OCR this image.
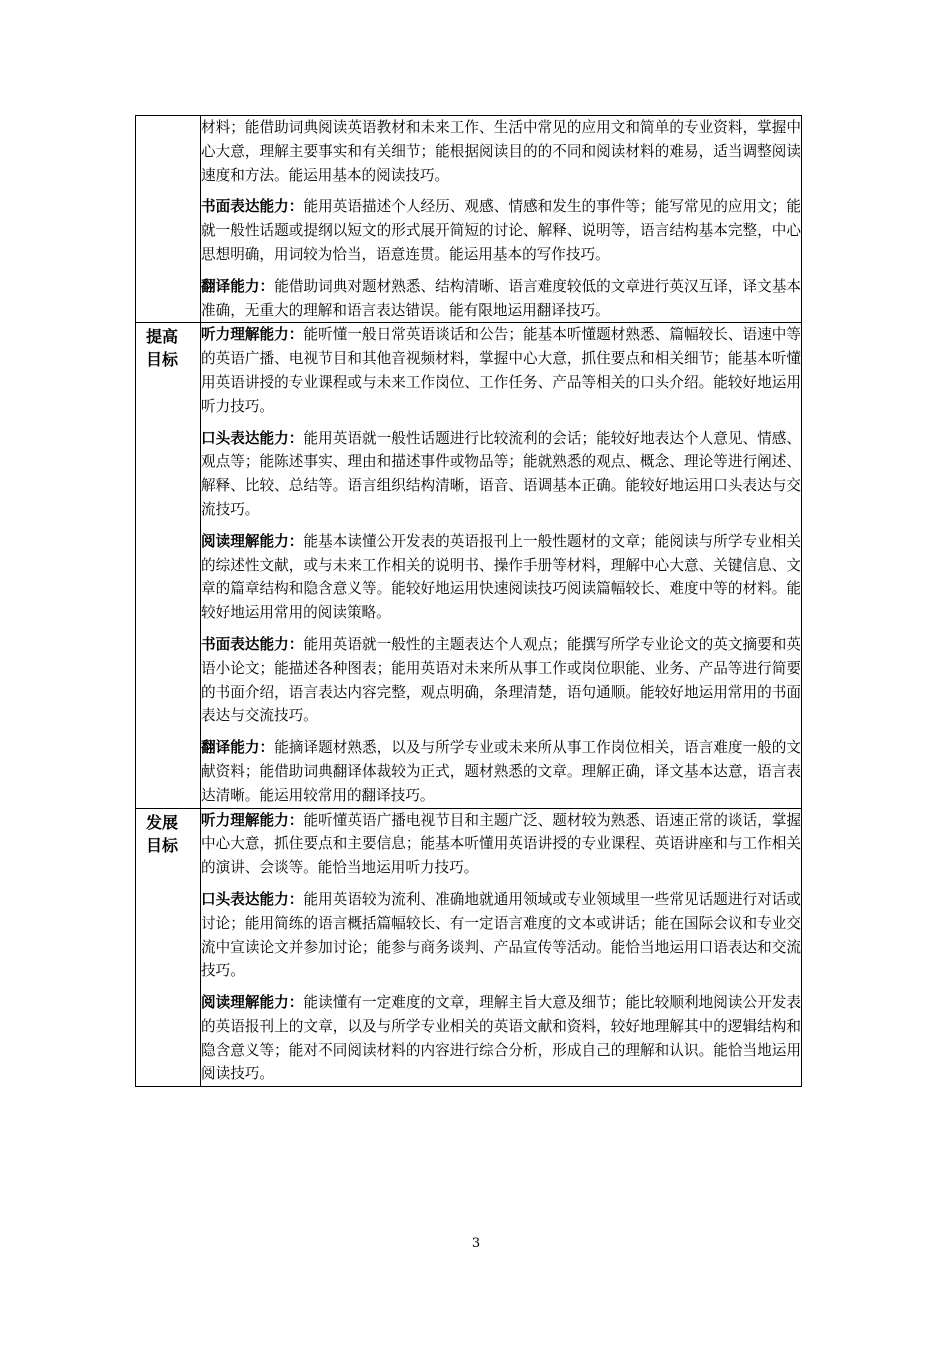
	材料；能借助词典阅读英语教材和未来工作、生活中常见的应用文和简单的专业资料，掌握中心大意，理解主要事实和有关细节；能根据阅读目的的不同和阅读材料的难易，适当调整阅读速度和方法。能运用基本的阅读技巧。

书面表达能力：能用英语描述个人经历、观感、情感和发生的事件等；能写常见的应用文；能就一般性话题或提纲以短文的形式展开简短的讨论、解释、说明等，语言结构基本完整，中心思想明确，用词较为恰当，语意连贯。能运用基本的写作技巧。

翻译能力：能借助词典对题材熟悉、结构清晰、语言难度较低的文章进行英汉互译，译文基本准确，无重大的理解和语言表达错误。能有限地运用翻译技巧。

提高目标	听力理解能力：能听懂一般日常英语谈话和公告；能基本听懂题材熟悉、篇幅较长、语速中等的英语广播、电视节目和其他音视频材料，掌握中心大意，抓住要点和相关细节；能基本听懂用英语讲授的专业课程或与未来工作岗位、工作任务、产品等相关的口头介绍。能较好地运用听力技巧。

口头表达能力：能用英语就一般性话题进行比较流利的会话；能较好地表达个人意见、情感、观点等；能陈述事实、理由和描述事件或物品等；能就熟悉的观点、概念、理论等进行阐述、解释、比较、总结等。语言组织结构清晰，语音、语调基本正确。能较好地运用口头表达与交流技巧。

阅读理解能力：能基本读懂公开发表的英语报刊上一般性题材的文章；能阅读与所学专业相关的综述性文献，或与未来工作相关的说明书、操作手册等材料，理解中心大意、关键信息、文章的篇章结构和隐含意义等。能较好地运用快速阅读技巧阅读篇幅较长、难度中等的材料。能较好地运用常用的阅读策略。

书面表达能力：能用英语就一般性的主题表达个人观点；能撰写所学专业论文的英文摘要和英语小论文；能描述各种图表；能用英语对未来所从事工作或岗位职能、业务、产品等进行简要的书面介绍，语言表达内容完整，观点明确，条理清楚，语句通顺。能较好地运用常用的书面表达与交流技巧。

翻译能力：能摘译题材熟悉，以及与所学专业或未来所从事工作岗位相关，语言难度一般的文献资料；能借助词典翻译体裁较为正式，题材熟悉的文章。理解正确，译文基本达意，语言表达清晰。能运用较常用的翻译技巧。

发展目标	听力理解能力：能听懂英语广播电视节目和主题广泛、题材较为熟悉、语速正常的谈话，掌握中心大意，抓住要点和主要信息；能基本听懂用英语讲授的专业课程、英语讲座和与工作相关的演讲、会谈等。能恰当地运用听力技巧。

口头表达能力：能用英语较为流利、准确地就通用领域或专业领域里一些常见话题进行对话或讨论；能用简练的语言概括篇幅较长、有一定语言难度的文本或讲话；能在国际会议和专业交流中宣读论文并参加讨论；能参与商务谈判、产品宣传等活动。能恰当地运用口语表达和交流技巧。

阅读理解能力：能读懂有一定难度的文章，理解主旨大意及细节；能比较顺利地阅读公开发表的英语报刊上的文章，以及与所学专业相关的英语文献和资料，较好地理解其中的逻辑结构和隐含意义等；能对不同阅读材料的内容进行综合分析，形成自己的理解和认识。能恰当地运用阅读技巧。

3
